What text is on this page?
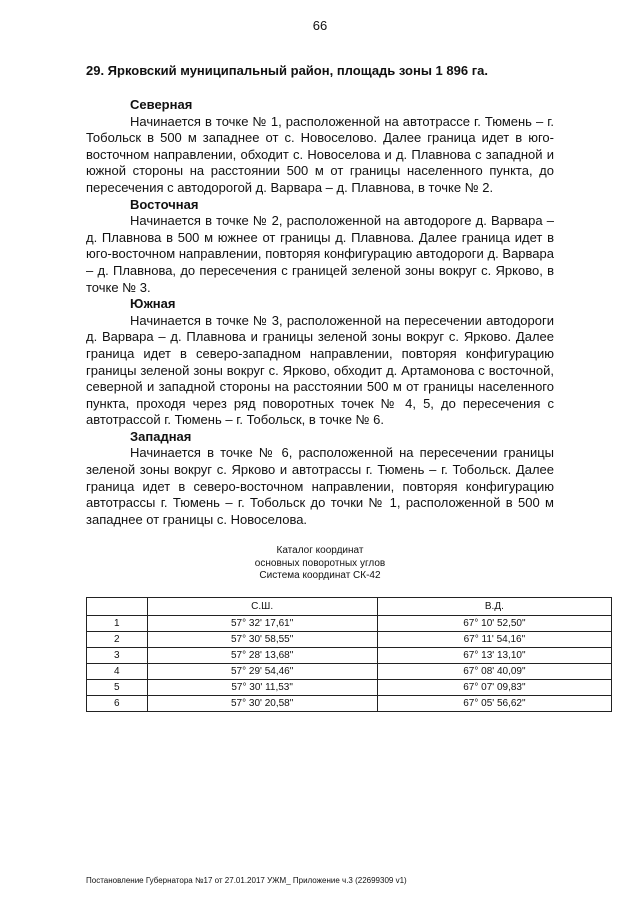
66

29. Ярковский муниципальный район, площадь зоны 1 896 га.

Северная

Начинается в точке № 1, расположенной на автотрассе г. Тюмень – г. Тобольск в 500 м западнее от с. Новоселово. Далее граница идет в юго-восточном направлении, обходит с. Новоселова и д. Плавнова с западной и южной стороны на расстоянии 500 м от границы населенного пункта, до пересечения с автодорогой д. Варвара – д. Плавнова, в точке № 2.

Восточная

Начинается в точке № 2, расположенной на автодороге д. Варвара – д. Плавнова в 500 м южнее от границы д. Плавнова. Далее граница идет в юго-восточном направлении, повторяя конфигурацию автодороги д. Варвара – д. Плавнова, до пересечения с границей зеленой зоны вокруг с. Ярково, в точке № 3.

Южная

Начинается в точке № 3, расположенной на пересечении автодороги д. Варвара – д. Плавнова и границы зеленой зоны вокруг с. Ярково. Далее граница идет в северо-западном направлении, повторяя конфигурацию границы зеленой зоны вокруг с. Ярково, обходит д. Артамонова с восточной, северной и западной стороны на расстоянии 500 м от границы населенного пункта, проходя через ряд поворотных точек № 4, 5, до пересечения с автотрассой г. Тюмень – г. Тобольск, в точке № 6.

Западная

Начинается в точке № 6, расположенной на пересечении границы зеленой зоны вокруг с. Ярково и автотрассы г. Тюмень – г. Тобольск. Далее граница идет в северо-восточном направлении, повторяя конфигурацию автотрассы г. Тюмень – г. Тобольск до точки № 1, расположенной в 500 м западнее от границы с. Новоселова.

Каталог координат
основных поворотных углов
Система координат СК-42
	С.Ш.	В.Д.
1	57° 32' 17,61"	67° 10' 52,50"
2	57° 30' 58,55"	67° 11' 54,16"
3	57° 28' 13,68"	67° 13' 13,10"
4	57° 29' 54,46"	67° 08' 40,09"
5	57° 30' 11,53"	67° 07' 09,83"
6	57° 30' 20,58"	67° 05' 56,62"
Постановление Губернатора №17 от 27.01.2017 УЖМ_ Приложение ч.3 (22699309 v1)
